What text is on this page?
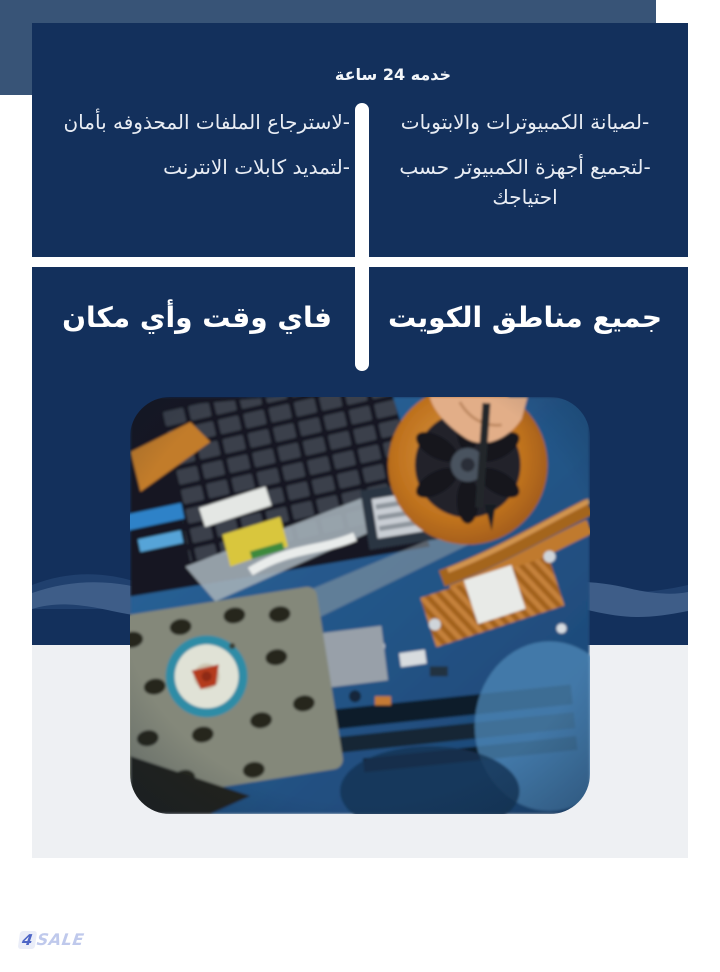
خدمه 24 ساعة
-لصيانة الكمبيوترات والابتوبات
-لتجميع أجهزة الكمبيوتر حسب احتياجك
-لاسترجاع الملفات المحذوفه بأمان
-لتمديد كابلات الانترنت
جميع مناطق الكويت
فاي وقت وأي مكان
4 SALE
